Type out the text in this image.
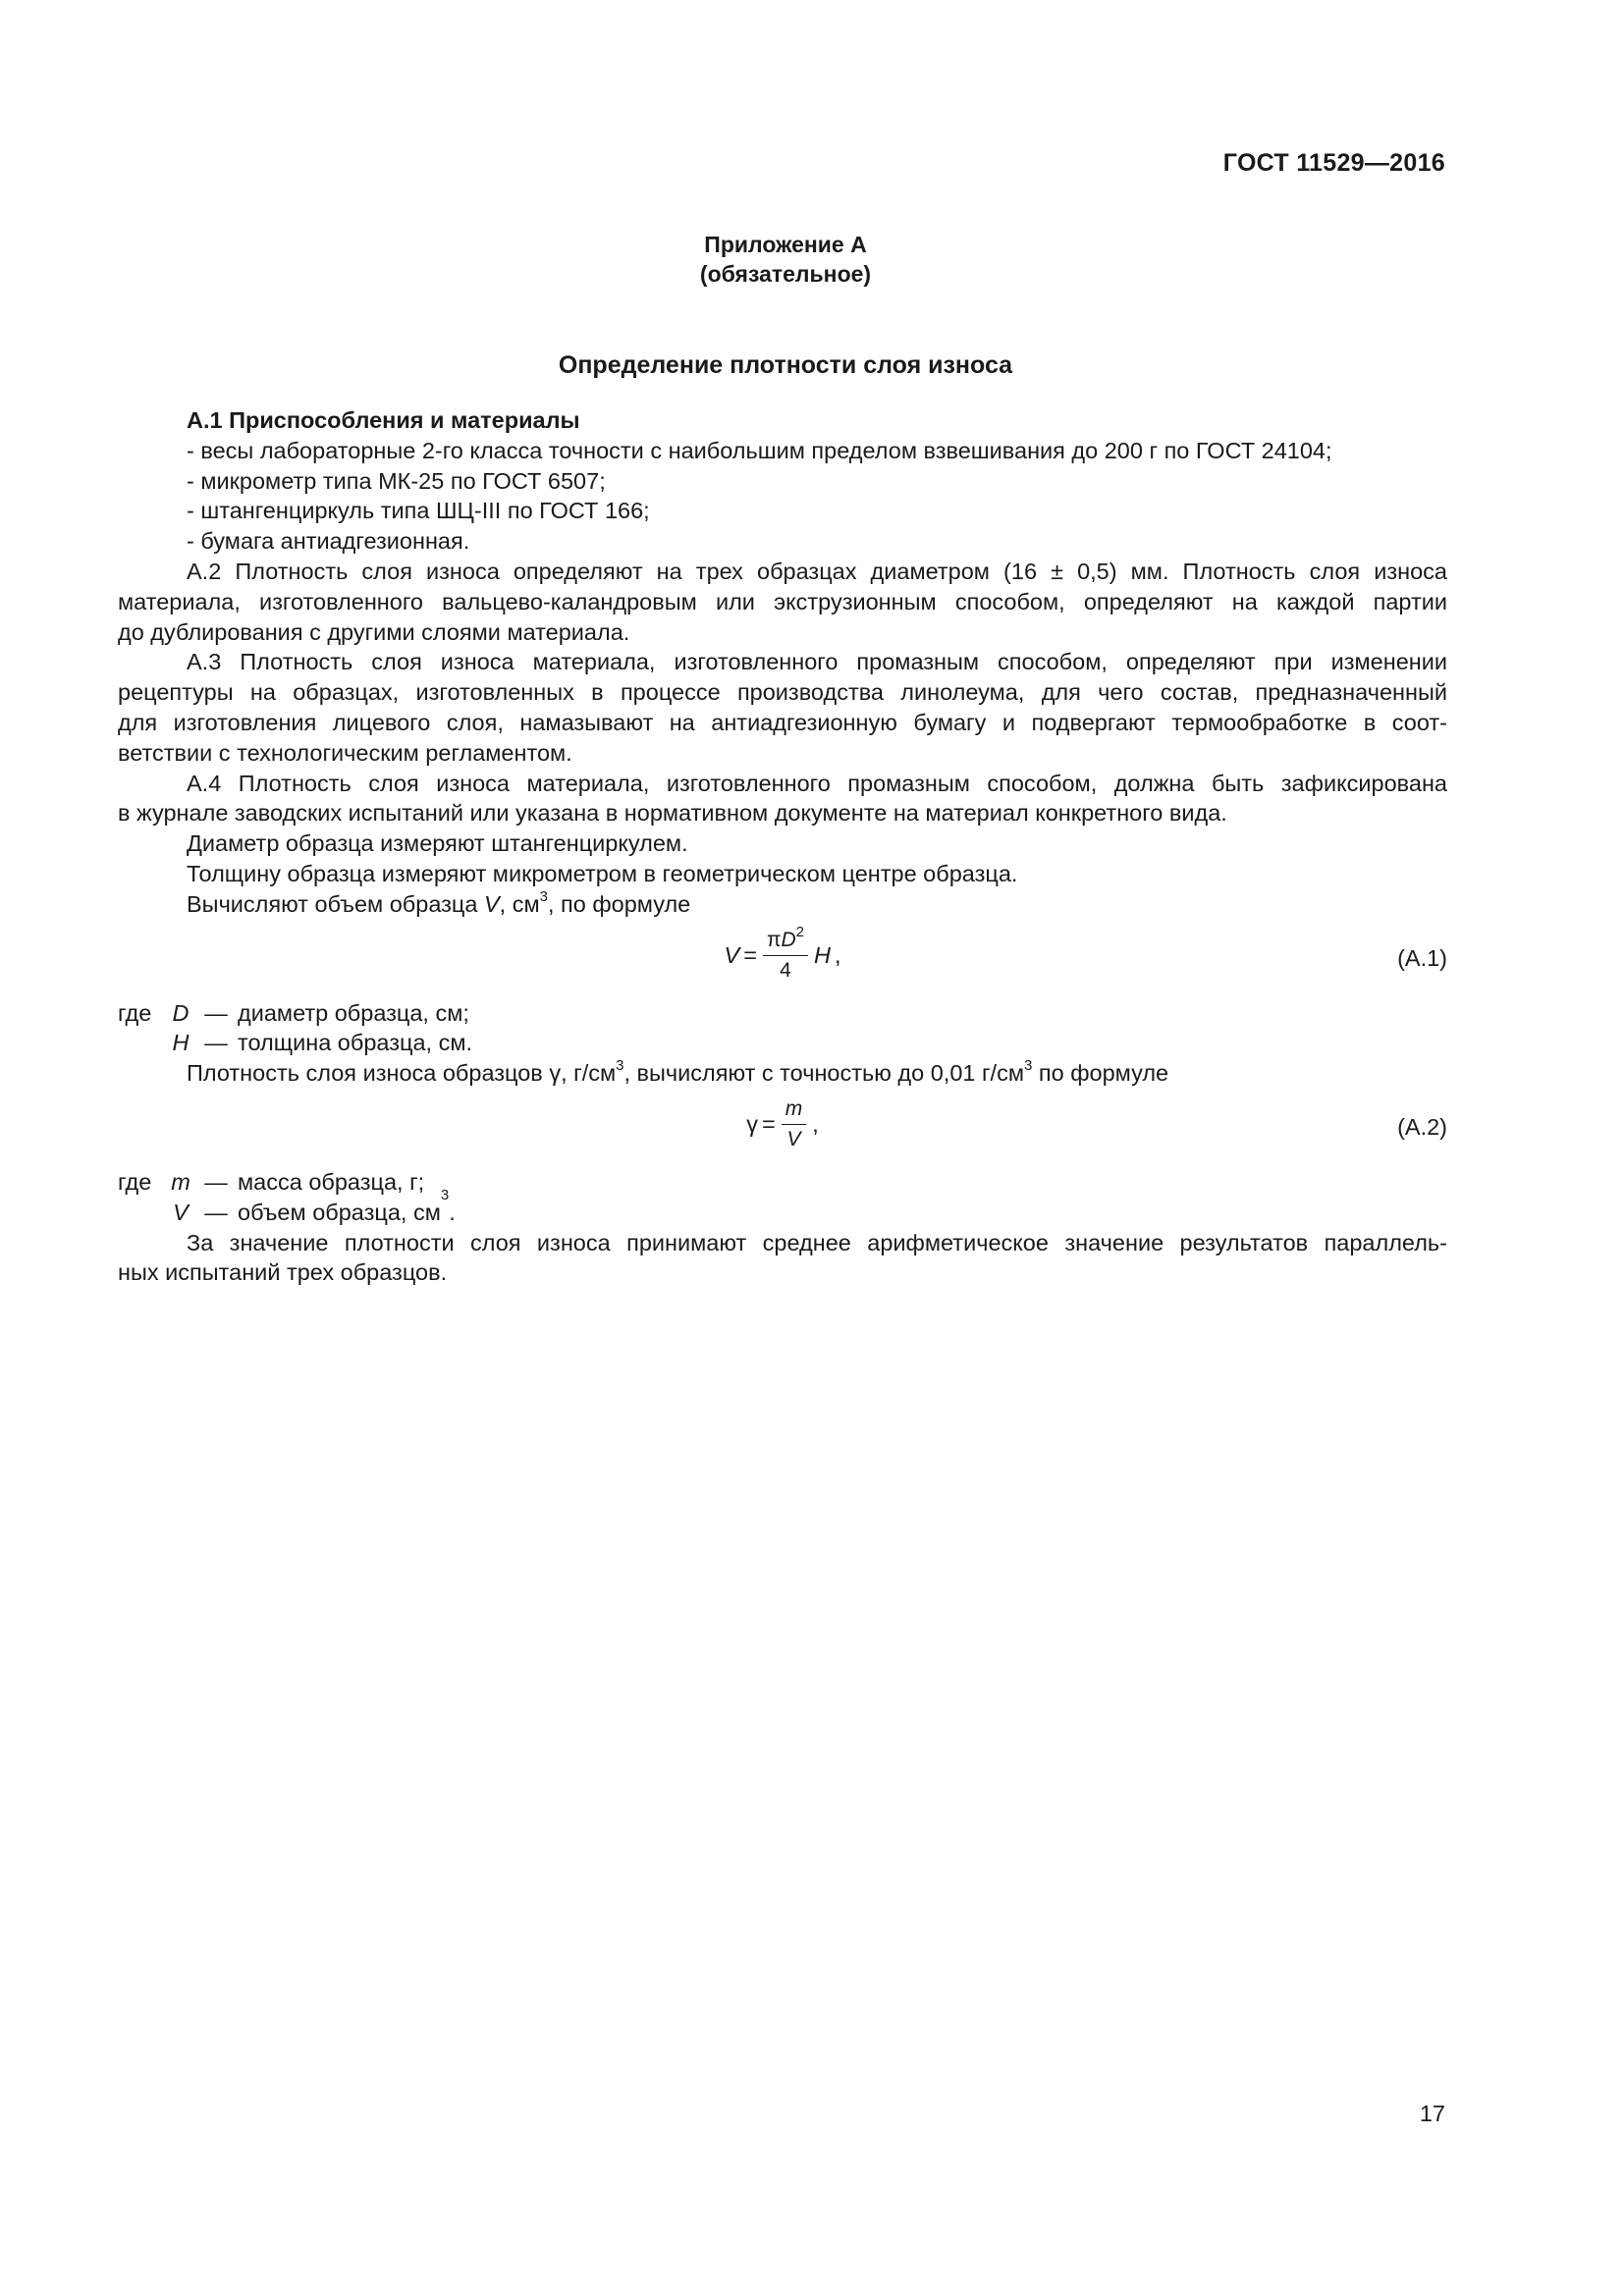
ГОСТ 11529—2016
Приложение А
(обязательное)
Определение плотности слоя износа
А.1 Приспособления и материалы
- весы лабораторные 2-го класса точности с наибольшим пределом взвешивания до 200 г по ГОСТ 24104;
- микрометр типа МК-25 по ГОСТ 6507;
- штангенциркуль типа ШЦ-III по ГОСТ 166;
- бумага антиадгезионная.
А.2 Плотность слоя износа определяют на трех образцах диаметром (16 ± 0,5) мм. Плотность слоя износа
материала, изготовленного вальцево-каландровым или экструзионным способом, определяют на каждой партии
до дублирования с другими слоями материала.
А.3 Плотность слоя износа материала, изготовленного промазным способом, определяют при изменении
рецептуры на образцах, изготовленных в процессе производства линолеума, для чего состав, предназначенный
для изготовления лицевого слоя, намазывают на антиадгезионную бумагу и подвергают термообработке в соот-
ветствии с технологическим регламентом.
А.4 Плотность слоя износа материала, изготовленного промазным способом, должна быть зафиксирована
в журнале заводских испытаний или указана в нормативном документе на материал конкретного вида.
Диаметр образца измеряют штангенциркулем.
Толщину образца измеряют микрометром в геометрическом центре образца.
Вычисляют объем образца V, $см^3$, по формуле
$V = \frac{\pi D^2}{4}$ H ,	(А.1)
где D — диаметр образца, см;
H — толщина образца, см.
Плотность слоя износа образцов γ, $г/см^3$, вычисляют с точностью до 0,01 $г/см^3$ по формуле
$\gamma = \frac{m}{V}$ ,	(А.2)
где m — масса образца, г;
V — объем образца, см
$^3$
.
За значение плотности слоя износа принимают среднее арифметическое значение результатов параллель-
ных испытаний трех образцов.
17
